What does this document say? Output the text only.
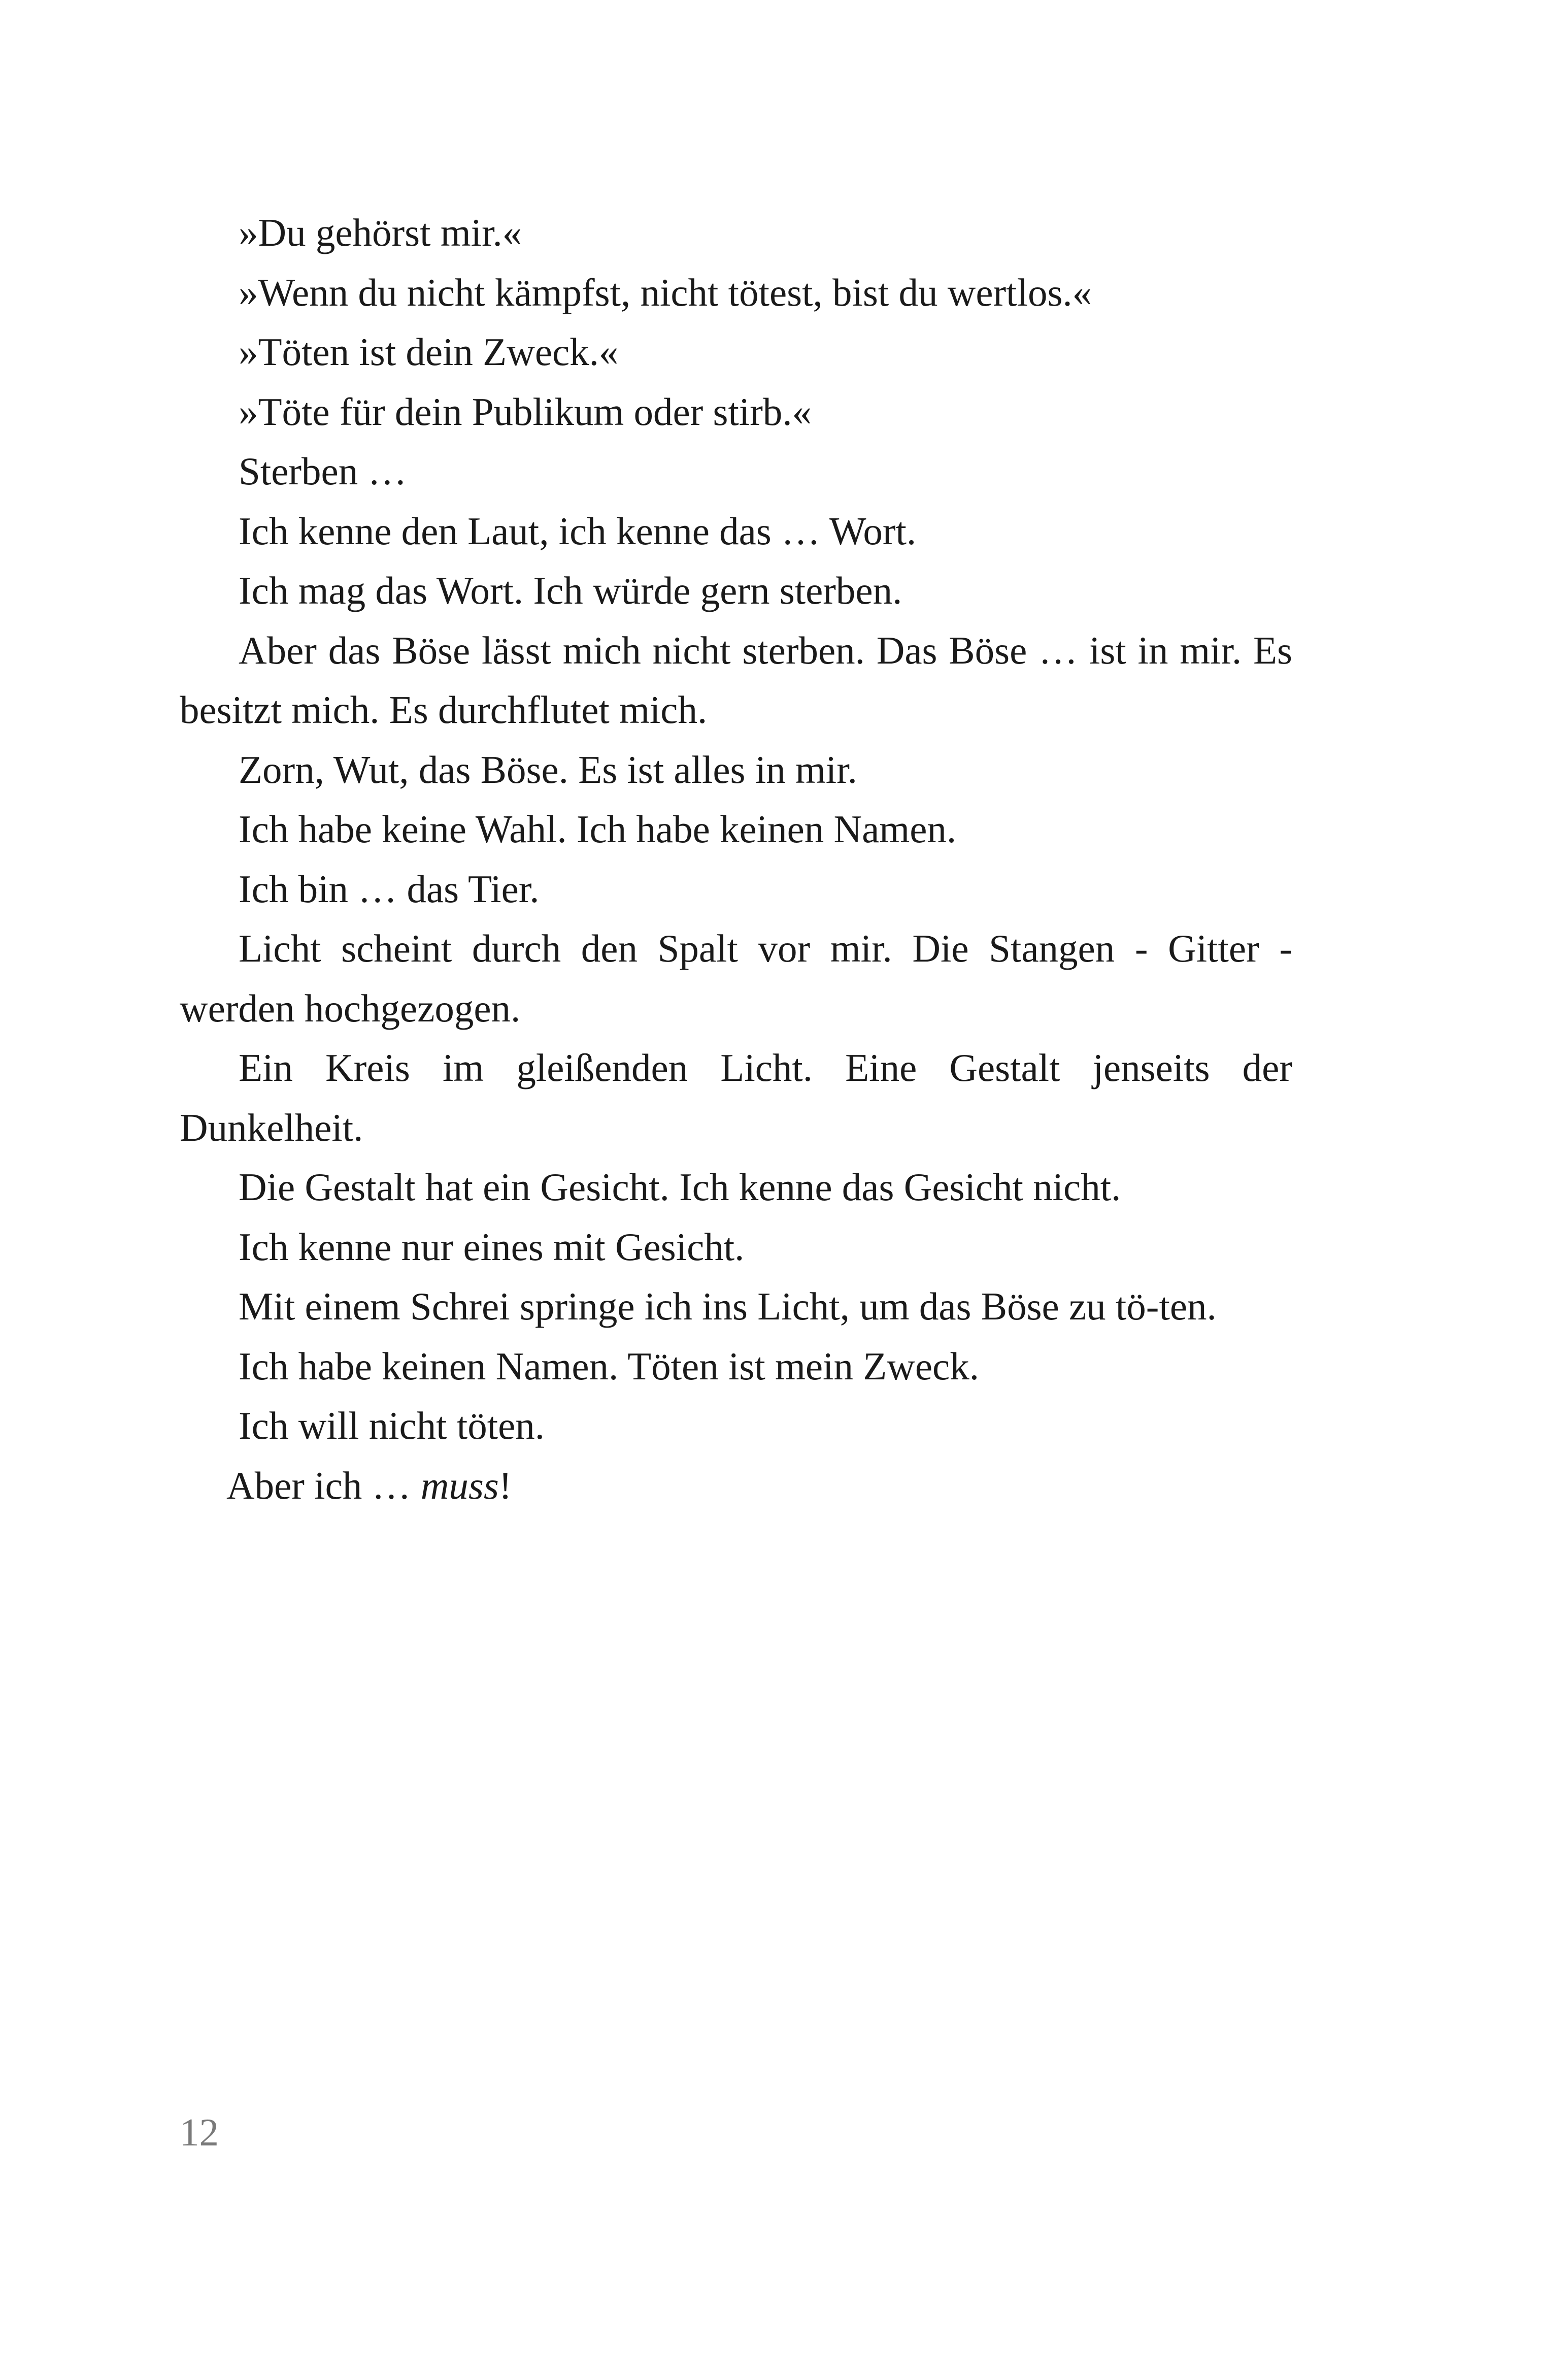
»Du gehörst mir.«

»Wenn du nicht kämpfst, nicht tötest, bist du wertlos.«

»Töten ist dein Zweck.«

»Töte für dein Publikum oder stirb.«

Sterben …

Ich kenne den Laut, ich kenne das … Wort.

Ich mag das Wort. Ich würde gern sterben.

Aber das Böse lässt mich nicht sterben. Das Böse … ist in mir. Es besitzt mich. Es durchflutet mich.

Zorn, Wut, das Böse. Es ist alles in mir.

Ich habe keine Wahl. Ich habe keinen Namen.

Ich bin … das Tier.

Licht scheint durch den Spalt vor mir. Die Stangen - Gitter - werden hochgezogen.

Ein Kreis im gleißenden Licht. Eine Gestalt jenseits der Dunkelheit.

Die Gestalt hat ein Gesicht. Ich kenne das Gesicht nicht.

Ich kenne nur eines mit Gesicht.

Mit einem Schrei springe ich ins Licht, um das Böse zu tö-ten.

Ich habe keinen Namen. Töten ist mein Zweck.

Ich will nicht töten.

Aber ich … muss!

12
